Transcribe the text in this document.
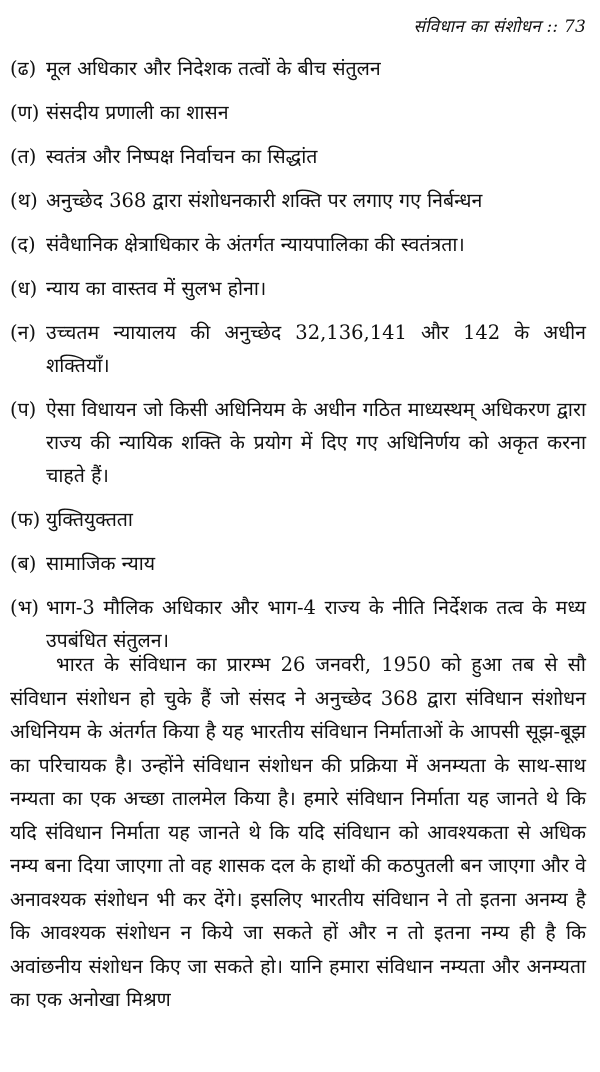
संविधान का संशोधन :: 73
(ढ) मूल अधिकार और निदेशक तत्वों के बीच संतुलन
(ण) संसदीय प्रणाली का शासन
(त) स्वतंत्र और निष्पक्ष निर्वाचन का सिद्धांत
(थ) अनुच्छेद 368 द्वारा संशोधनकारी शक्ति पर लगाए गए निर्बन्धन
(द) संवैधानिक क्षेत्राधिकार के अंतर्गत न्यायपालिका की स्वतंत्रता।
(ध) न्याय का वास्तव में सुलभ होना।
(न) उच्चतम न्यायालय की अनुच्छेद 32,136,141 और 142 के अधीन शक्तियाँ।
(प) ऐसा विधायन जो किसी अधिनियम के अधीन गठित माध्यस्थम् अधिकरण द्वारा राज्य की न्यायिक शक्ति के प्रयोग में दिए गए अधिनिर्णय को अकृत करना चाहते हैं।
(फ) युक्तियुक्तता
(ब) सामाजिक न्याय
(भ) भाग-3 मौलिक अधिकार और भाग-4 राज्य के नीति निर्देशक तत्व के मध्य उपबंधित संतुलन।

भारत के संविधान का प्रारम्भ 26 जनवरी, 1950 को हुआ तब से सौ संविधान संशोधन हो चुके हैं जो संसद ने अनुच्छेद 368 द्वारा संविधान संशोधन अधिनियम के अंतर्गत किया है यह भारतीय संविधान निर्माताओं के आपसी सूझ-बूझ का परिचायक है। उन्होंने संविधान संशोधन की प्रक्रिया में अनम्यता के साथ-साथ नम्यता का एक अच्छा तालमेल किया है। हमारे संविधान निर्माता यह जानते थे कि यदि संविधान निर्माता यह जानते थे कि यदि संविधान को आवश्यकता से अधिक नम्य बना दिया जाएगा तो वह शासक दल के हाथों की कठपुतली बन जाएगा और वे अनावश्यक संशोधन भी कर देंगे। इसलिए भारतीय संविधान ने तो इतना अनम्य है कि आवश्यक संशोधन न किये जा सकते हों और न तो इतना नम्य ही है कि अवांछनीय संशोधन किए जा सकते हो। यानि हमारा संविधान नम्यता और अनम्यता का एक अनोखा मिश्रण
